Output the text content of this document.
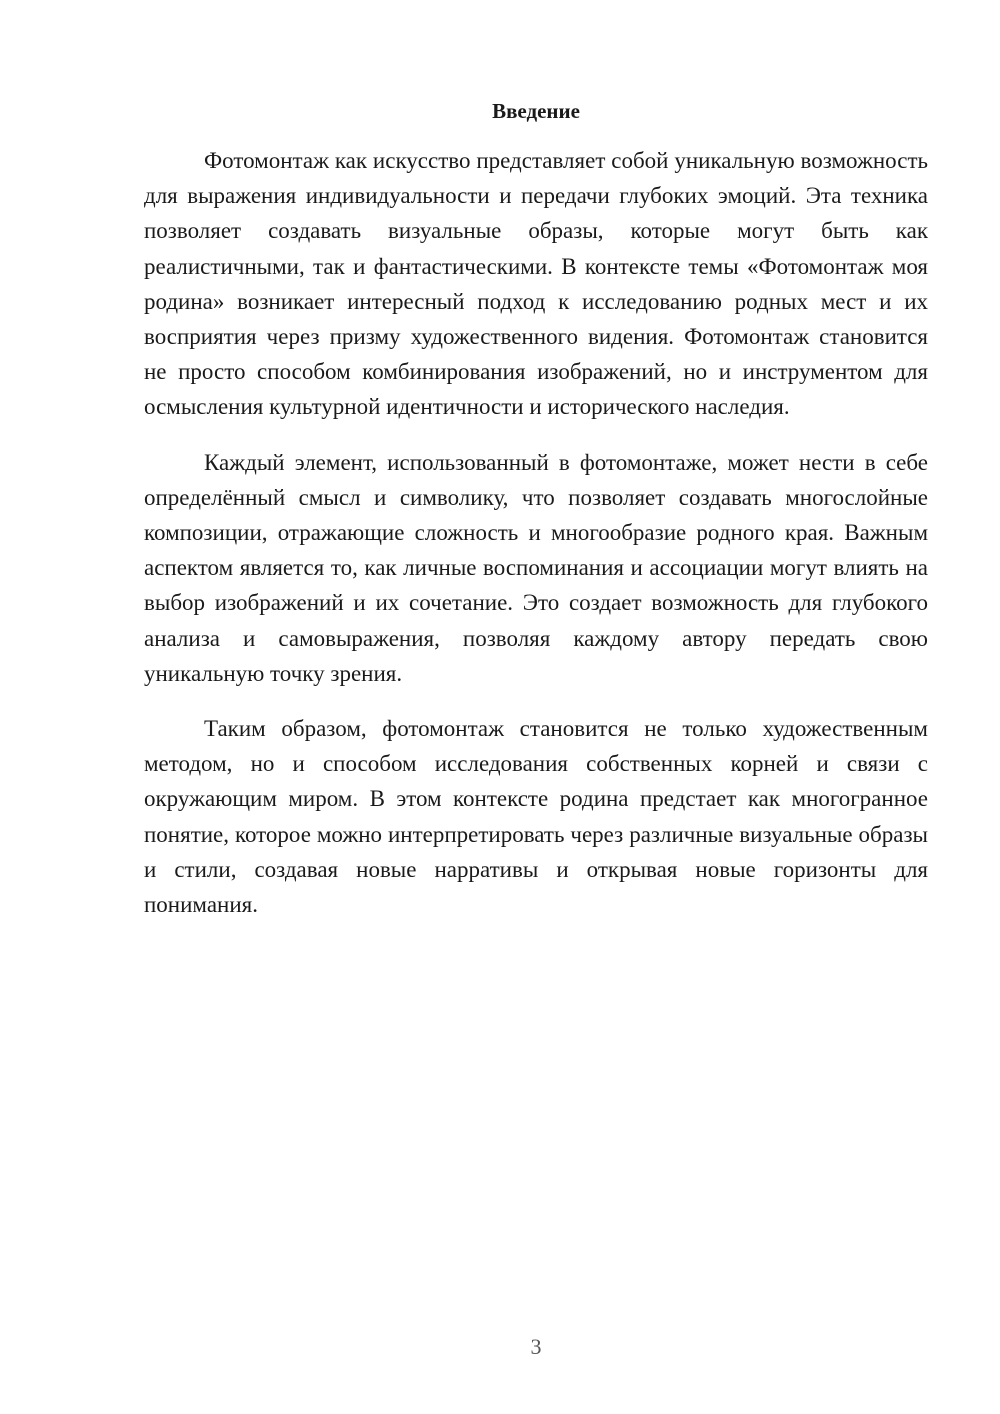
Введение

Фотомонтаж как искусство представляет собой уникальную возможность для выражения индивидуальности и передачи глубоких эмоций. Эта техника позволяет создавать визуальные образы, которые могут быть как реалистичными, так и фантастическими. В контексте темы «Фотомонтаж моя родина» возникает интересный подход к исследованию родных мест и их восприятия через призму художественного видения. Фотомонтаж становится не просто способом комбинирования изображений, но и инструментом для осмысления культурной идентичности и исторического наследия.

Каждый элемент, использованный в фотомонтаже, может нести в себе определённый смысл и символику, что позволяет создавать многослойные композиции, отражающие сложность и многообразие родного края. Важным аспектом является то, как личные воспоминания и ассоциации могут влиять на выбор изображений и их сочетание. Это создает возможность для глубокого анализа и самовыражения, позволяя каждому автору передать свою уникальную точку зрения.

Таким образом, фотомонтаж становится не только художественным методом, но и способом исследования собственных корней и связи с окружающим миром. В этом контексте родина предстает как многогранное понятие, которое можно интерпретировать через различные визуальные образы и стили, создавая новые нарративы и открывая новые горизонты для понимания.

3
